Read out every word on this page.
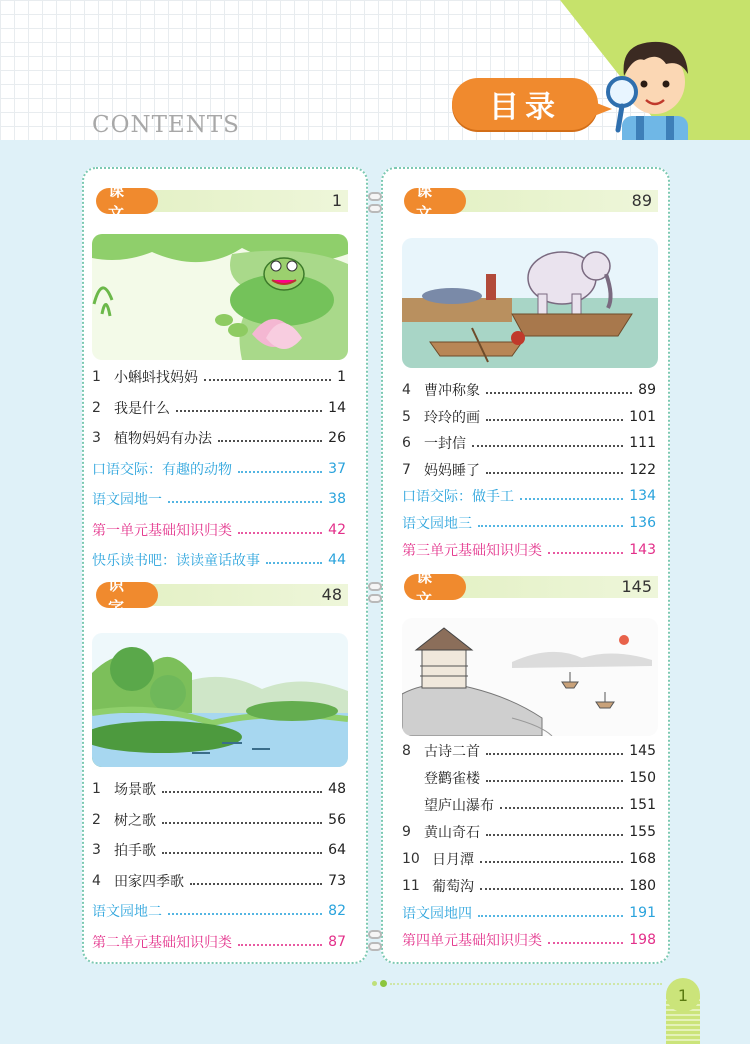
CONTENTS	目录
课文
1
1 小蝌蚪找妈妈	1
2 我是什么	14
3 植物妈妈有办法	26
口语交际：有趣的动物	37
语文园地一	38
第一单元基础知识归类	42
快乐读书吧：读读童话故事	44
识字
48
1 场景歌	48
2 树之歌	56
3 拍手歌	64
4 田家四季歌	73
语文园地二	82
第二单元基础知识归类	87
课文
89
4 曹冲称象	89
5 玲玲的画	101
6 一封信	111
7 妈妈睡了	122
口语交际：做手工	134
语文园地三	136
第三单元基础知识归类	143
课文
145
8 古诗二首	145
登鹳雀楼	150
望庐山瀑布	151
9 黄山奇石	155
10 日月潭	168
11 葡萄沟	180
语文园地四	191
第四单元基础知识归类	198
1
